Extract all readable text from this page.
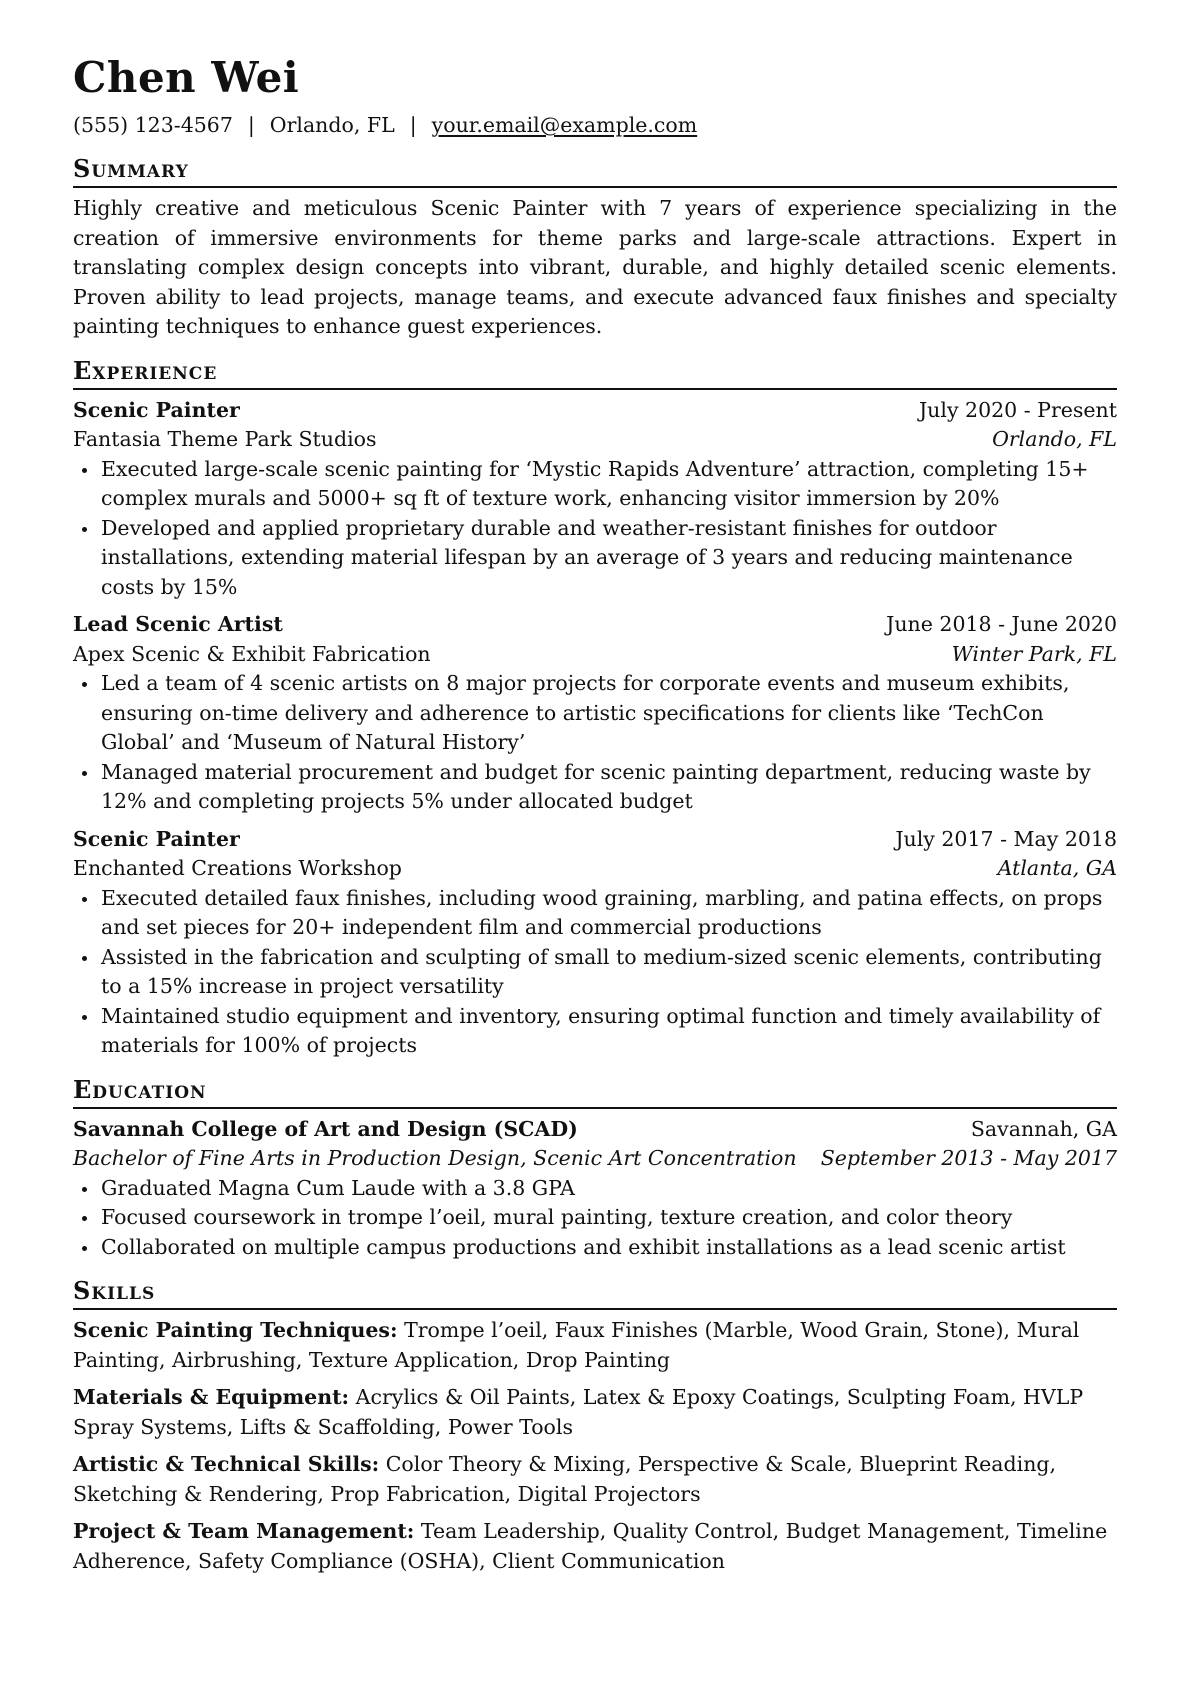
Chen Wei
(555) 123-4567 | Orlando, FL | your.email@example.com
Summary

Highly creative and meticulous Scenic Painter with 7 years of experience specializing in the creation of immersive environments for theme parks and large-scale attractions. Expert in translating complex design concepts into vibrant, durable, and highly detailed scenic elements. Proven ability to lead projects, manage teams, and execute advanced faux finishes and specialty painting techniques to enhance guest experiences.

Experience
Scenic Painter	July 2020 - Present
Fantasia Theme Park Studios	Orlando, FL
• Executed large-scale scenic painting for ‘Mystic Rapids Adventure’ attraction, completing 15+ complex murals and 5000+ sq ft of texture work, enhancing visitor immersion by 20%
• Developed and applied proprietary durable and weather-resistant finishes for outdoor installations, extending material lifespan by an average of 3 years and reducing maintenance costs by 15%
Lead Scenic Artist	June 2018 - June 2020
Apex Scenic & Exhibit Fabrication	Winter Park, FL
• Led a team of 4 scenic artists on 8 major projects for corporate events and museum exhibits, ensuring on-time delivery and adherence to artistic specifications for clients like ‘TechCon Global’ and ‘Museum of Natural History’
• Managed material procurement and budget for scenic painting department, reducing waste by 12% and completing projects 5% under allocated budget
Scenic Painter	July 2017 - May 2018
Enchanted Creations Workshop	Atlanta, GA
• Executed detailed faux finishes, including wood graining, marbling, and patina effects, on props and set pieces for 20+ independent film and commercial productions
• Assisted in the fabrication and sculpting of small to medium-sized scenic elements, contributing to a 15% increase in project versatility
• Maintained studio equipment and inventory, ensuring optimal function and timely availability of materials for 100% of projects
Education
Savannah College of Art and Design (SCAD)	Savannah, GA
Bachelor of Fine Arts in Production Design, Scenic Art Concentration September 2013 - May 2017
• Graduated Magna Cum Laude with a 3.8 GPA
• Focused coursework in trompe l’oeil, mural painting, texture creation, and color theory
• Collaborated on multiple campus productions and exhibit installations as a lead scenic artist
Skills

Scenic Painting Techniques: Trompe l’oeil, Faux Finishes (Marble, Wood Grain, Stone), Mural Painting, Airbrushing, Texture Application, Drop Painting

Materials & Equipment: Acrylics & Oil Paints, Latex & Epoxy Coatings, Sculpting Foam, HVLP Spray Systems, Lifts & Scaffolding, Power Tools

Artistic & Technical Skills: Color Theory & Mixing, Perspective & Scale, Blueprint Reading, Sketching & Rendering, Prop Fabrication, Digital Projectors

Project & Team Management: Team Leadership, Quality Control, Budget Management, Timeline Adherence, Safety Compliance (OSHA), Client Communication
